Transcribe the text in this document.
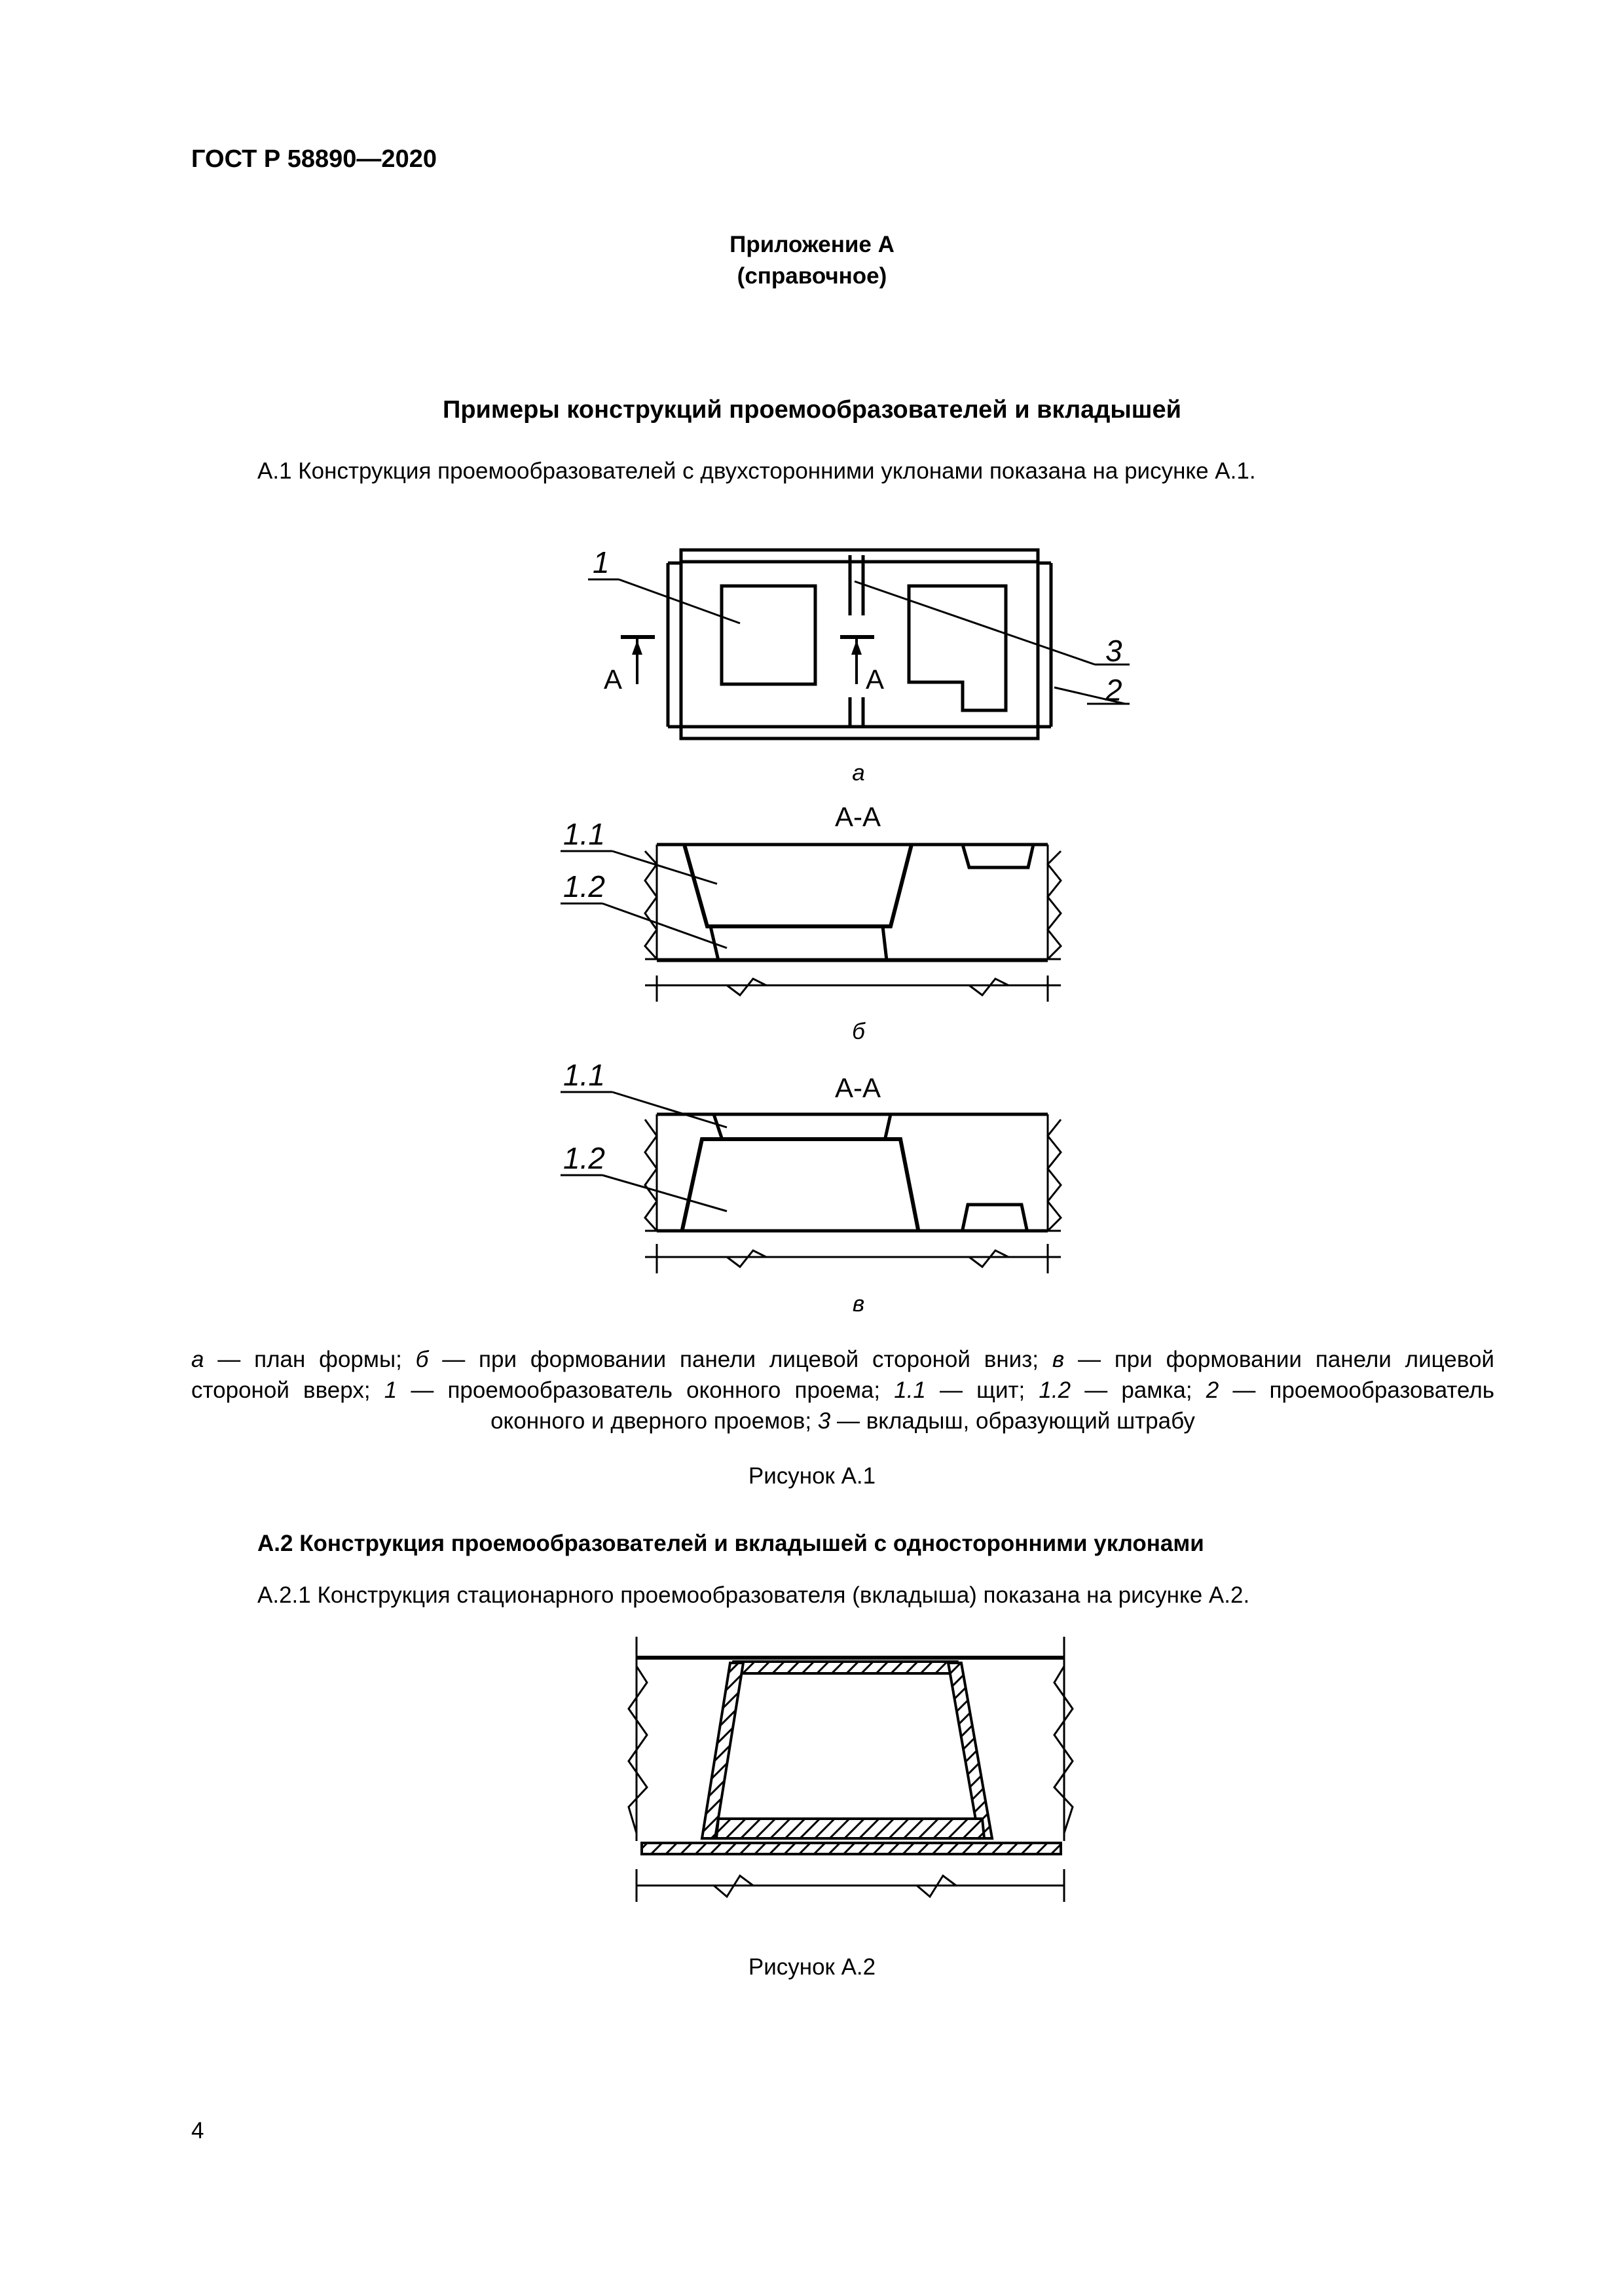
ГОСТ Р 58890—2020
Приложение А
(справочное)
Примеры конструкций проемообразователей и вкладышей
А.1 Конструкция проемообразователей с двухсторонними уклонами показана на рисунке А.1.
1
3
2
А	А
а
1.1
1.2
А-А
б
1.1
1.2
А-А
в
а — план формы; б — при формовании панели лицевой стороной вниз; в — при формовании панели лицевой
стороной вверх; 1 — проемообразователь оконного проема; 1.1 — щит; 1.2 — рамка; 2 — проемообразователь
оконного и дверного проемов; 3 — вкладыш, образующий штрабу
Рисунок А.1
А.2 Конструкция проемообразователей и вкладышей с односторонними уклонами
А.2.1 Конструкция стационарного проемообразователя (вкладыша) показана на рисунке А.2.
Рисунок А.2
4
